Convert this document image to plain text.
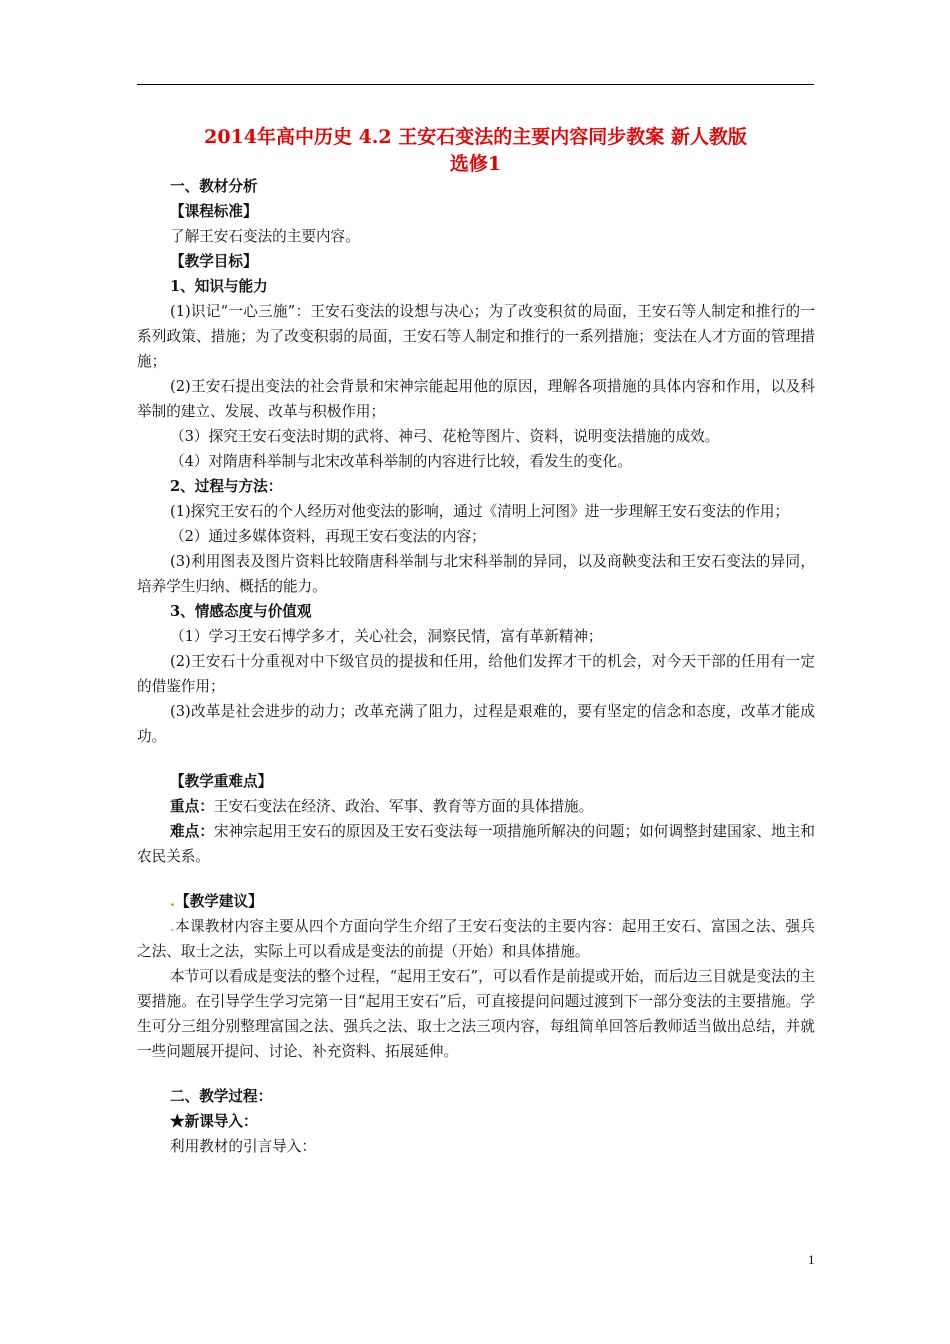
2014年高中历史 4.2 王安石变法的主要内容同步教案 新人教版
选修1

一、教材分析

【课程标准】

了解王安石变法的主要内容。

【教学目标】

1、知识与能力

(1)识记“一心三施”：王安石变法的设想与决心；为了改变积贫的局面，王安石等人制定和推行的一系列政策、措施；为了改变积弱的局面，王安石等人制定和推行的一系列措施；变法在人才方面的管理措施；

(2)王安石提出变法的社会背景和宋神宗能起用他的原因，理解各项措施的具体内容和作用，以及科举制的建立、发展、改革与积极作用；

（3）探究王安石变法时期的武将、神弓、花枪等图片、资料，说明变法措施的成效。

（4）对隋唐科举制与北宋改革科举制的内容进行比较，看发生的变化。

2、过程与方法：

(1)探究王安石的个人经历对他变法的影响，通过《清明上河图》进一步理解王安石变法的作用；

（2）通过多媒体资料，再现王安石变法的内容；

(3)利用图表及图片资料比较隋唐科举制与北宋科举制的异同，以及商鞅变法和王安石变法的异同，培养学生归纳、概括的能力。

3、情感态度与价值观

（1）学习王安石博学多才，关心社会，洞察民情，富有革新精神；

(2)王安石十分重视对中下级官员的提拔和任用，给他们发挥才干的机会，对今天干部的任用有一定的借鉴作用；

(3)改革是社会进步的动力；改革充满了阻力，过程是艰难的，要有坚定的信念和态度，改革才能成功。

【教学重难点】

重点：王安石变法在经济、政治、军事、教育等方面的具体措施。

难点：宋神宗起用王安石的原因及王安石变法每一项措施所解决的问题；如何调整封建国家、地主和农民关系。

.【教学建议】

.本课教材内容主要从四个方面向学生介绍了王安石变法的主要内容：起用王安石、富国之法、强兵之法、取士之法，实际上可以看成是变法的前提（开始）和具体措施。

本节可以看成是变法的整个过程，“起用王安石”，可以看作是前提或开始，而后边三目就是变法的主要措施。在引导学生学习完第一目“起用王安石”后，可直接提问问题过渡到下一部分变法的主要措施。学生可分三组分别整理富国之法、强兵之法、取士之法三项内容，每组简单回答后教师适当做出总结，并就一些问题展开提问、讨论、补充资料、拓展延伸。

二、教学过程：

★新课导入：

利用教材的引言导入：

1
